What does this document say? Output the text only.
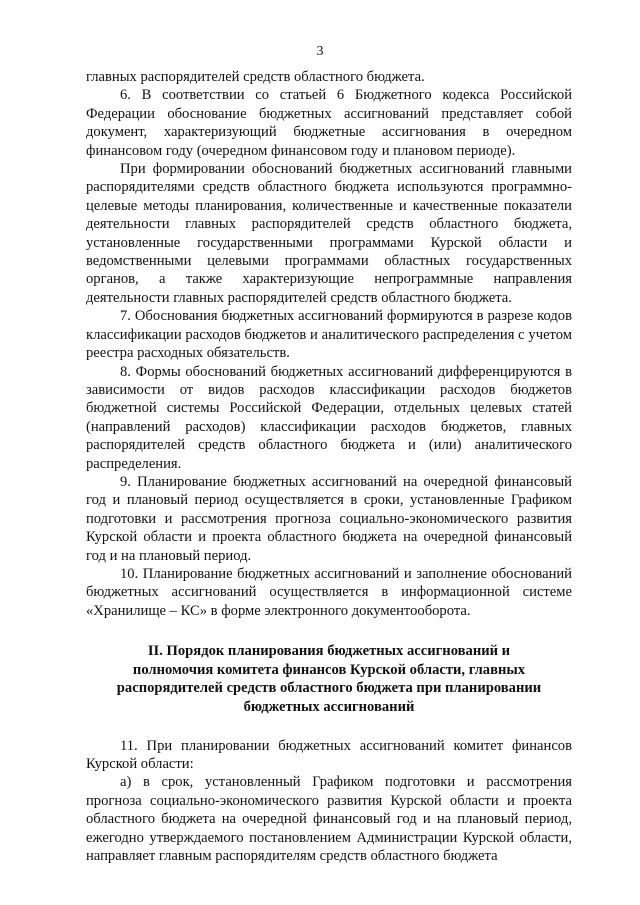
3

главных распорядителей средств областного бюджета.

6. В соответствии со статьей 6 Бюджетного кодекса Российской Федерации обоснование бюджетных ассигнований представляет собой документ, характеризующий бюджетные ассигнования в очередном финансовом году (очередном финансовом году и плановом периоде).

При формировании обоснований бюджетных ассигнований главными распорядителями средств областного бюджета используются программно-целевые методы планирования, количественные и качественные показатели деятельности главных распорядителей средств областного бюджета, установленные государственными программами Курской области и ведомственными целевыми программами областных государственных органов, а также характеризующие непрограммные направления деятельности главных распорядителей средств областного бюджета.

7. Обоснования бюджетных ассигнований формируются в разрезе кодов классификации расходов бюджетов и аналитического распределения с учетом реестра расходных обязательств.

8. Формы обоснований бюджетных ассигнований дифференцируются в зависимости от видов расходов классификации расходов бюджетов бюджетной системы Российской Федерации, отдельных целевых статей (направлений расходов) классификации расходов бюджетов, главных распорядителей средств областного бюджета и (или) аналитического распределения.

9. Планирование бюджетных ассигнований на очередной финансовый год и плановый период осуществляется в сроки, установленные Графиком подготовки и рассмотрения прогноза социально-экономического развития Курской области и проекта областного бюджета на очередной финансовый год и на плановый период.

10. Планирование бюджетных ассигнований и заполнение обоснований бюджетных ассигнований осуществляется в информационной системе «Хранилище – КС» в форме электронного документооборота.

II. Порядок планирования бюджетных ассигнований и полномочия комитета финансов Курской области, главных распорядителей средств областного бюджета при планировании бюджетных ассигнований

11. При планировании бюджетных ассигнований комитет финансов Курской области:

а) в срок, установленный Графиком подготовки и рассмотрения прогноза социально-экономического развития Курской области и проекта областного бюджета на очередной финансовый год и на плановый период, ежегодно утверждаемого постановлением Администрации Курской области, направляет главным распорядителям средств областного бюджета
